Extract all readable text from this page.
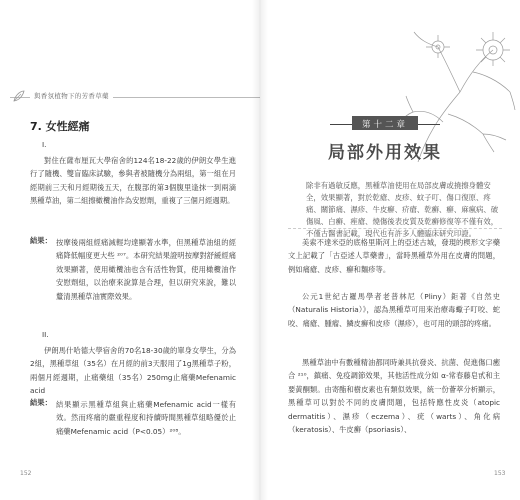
與香氛植物下的芳香草藥
7. 女性經痛
I.
對住在薩布厘瓦大學宿舍的124名18-22歲的伊朗女學生進行了隨機、雙盲臨床試驗，參與者被隨機分為兩組，第一組在月經期前三天和月經期後五天，在腹部的第3個腹里逢抹一到兩滴黑種草油，第二組擦橄欖油作為安慰劑，重複了三個月經週期。
結果： 按摩後兩組經痛減輕均達顯著水準，但黑種草油組的經痛降低幅度更大些 ²⁰⁷。本研究結果證明按摩對舒緩經痛效果顯著，使用橄欖油也含有活性物質，使用橄欖油作安慰劑組，以治療來說算是合理，但以研究來說，難以釐清黑種草油實際效果。
II.
伊朗馬什哈德大學宿舍的70名18-30歲的單身女學生，分為2組，黑種草組（35名）在月經的前3天服用了1g黑種草子粉，兩個月經週期，止痛藥組（35名）250mg止痛藥Mefenamic acid
結果： 結果顯示黑種草組與止痛藥Mefenamic acid一樣有效。然而疼痛的嚴重程度和持續時間黑種草組略優於止痛藥Mefenamic acid（P<0.05）²⁰⁸。
152
第十二章
局部外用效果
除非有過敏反應，黑種草油使用在局部皮膚或撓擦身體安全，效果顯著，對於乾瘡、皮疹、蚊子叮、傷口復原、疼痛、關節痛、濕疹、牛皮癬、疥瘡、乾癬、癬、麻瘋病、破傷風、白癬、痤瘡、燒傷後表皮質及乾癬修復等不僅有效，不僅古醫書記載，現代也有許多人體臨床研究印證。
美索不達米亞的底格里斯河上的亞述古城，發現的楔形文字藥文上記載了「古亞述人草藥書」，當時黑種草外用在皮膚的問題，例如痛瘡、皮疹、癬和麵疹等。
公元1世紀古羅馬學者老普林尼（Pliny）鉅著《自然史（Naturalis Historia）》，認為黑種草可用來治療毒蠍子叮咬、蛇咬、痛瘡、腫瘤、鱗皮癬和皮疹（濕疹），也可用的頭部的疼痛。
黑種草油中有數種精油都同時兼具抗發炎、抗菌、促進傷口癒合 ²¹⁰，鎮痛、免疫調節效果，其他活性成分如 α-常春藤皂甙和主要黃酮類。由寄酯和樹皮素也有類似效果，統一份薈萃分析顯示，黑種草可以對於不同的皮膚問題，包括特應性皮炎（atopic dermatitis）、濕疹（eczema）、疣（warts）、角化病（keratosis）、牛皮癬（psoriasis）、
153
